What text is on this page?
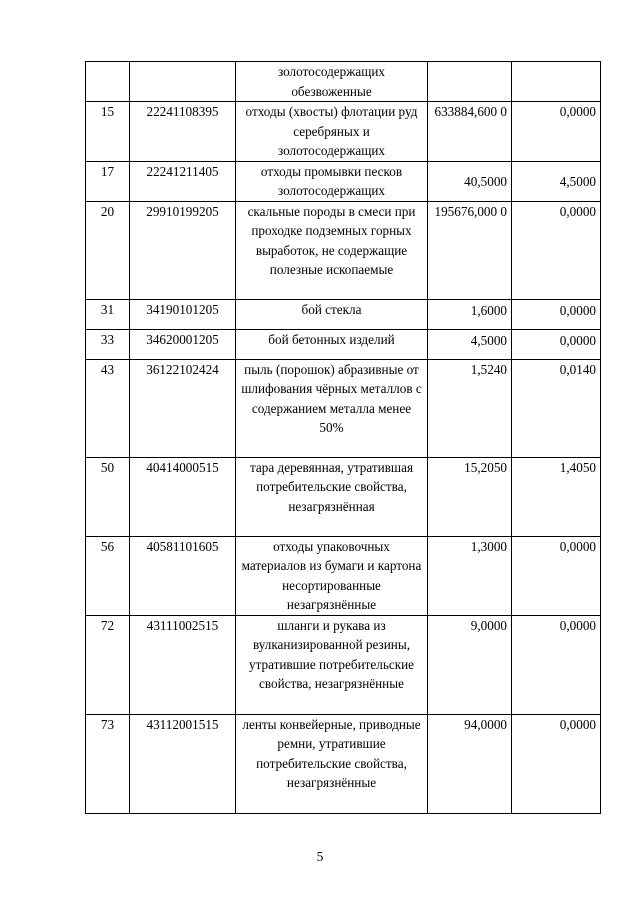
		золотосодержащих обезвоженные		
15	22241108395	отходы (хвосты) флотации руд серебряных и золотосодержащих	633884,600 0	0,0000
17	22241211405	отходы промывки песков золотосодержащих	40,5000	4,5000
20	29910199205	скальные породы в смеси при проходке подземных горных выработок, не содержащие полезные ископаемые	195676,000 0	0,0000
31	34190101205	бой стекла	1,6000	0,0000
33	34620001205	бой бетонных изделий	4,5000	0,0000
43	36122102424	пыль (порошок) абразивные от шлифования чёрных металлов с содержанием металла менее 50%	1,5240	0,0140
50	40414000515	тара деревянная, утратившая потребительские свойства, незагрязнённая	15,2050	1,4050
56	40581101605	отходы упаковочных материалов из бумаги и картона несортированные незагрязнённые	1,3000	0,0000
72	43111002515	шланги и рукава из вулканизированной резины, утратившие потребительские свойства, незагрязнённые	9,0000	0,0000
73	43112001515	ленты конвейерные, приводные ремни, утратившие потребительские свойства, незагрязнённые	94,0000	0,0000
5
